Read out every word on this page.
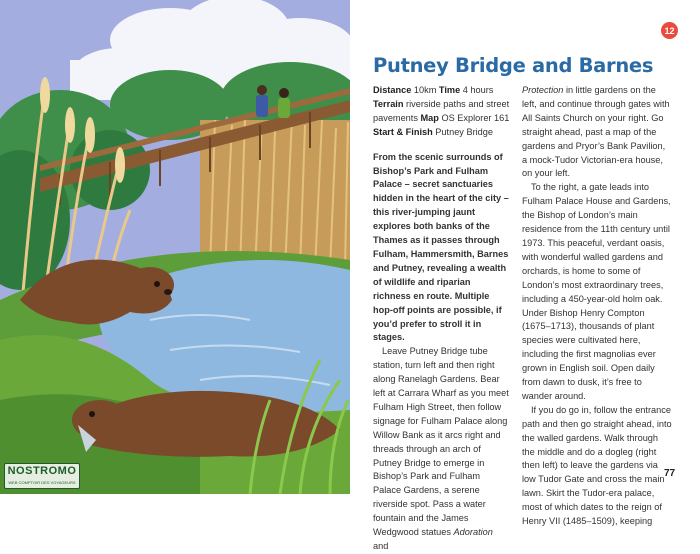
NOSTROMO
WEB COMPTOIR DES VOYAGEURS
12
Putney Bridge and Barnes

Distance 10km Time 4 hours
Terrain riverside paths and street pavements Map OS Explorer 161
Start & Finish Putney Bridge

From the scenic surrounds of Bishop’s Park and Fulham Palace – secret sanctuaries hidden in the heart of the city – this river-jumping jaunt explores both banks of the Thames as it passes through Fulham, Hammersmith, Barnes and Putney, revealing a wealth of wildlife and riparian richness en route. Multiple hop-off points are possible, if you’d prefer to stroll it in stages.

Leave Putney Bridge tube station, turn left and then right along Ranelagh Gardens. Bear left at Carrara Wharf as you meet Fulham High Street, then follow signage for Fulham Palace along Willow Bank as it arcs right and threads through an arch of Putney Bridge to emerge in Bishop’s Park and Fulham Palace Gardens, a serene riverside spot. Pass a water fountain and the James Wedgwood statues Adoration and

Protection in little gardens on the left, and continue through gates with All Saints Church on your right. Go straight ahead, past a map of the gardens and Pryor’s Bank Pavilion, a mock-Tudor Victorian-era house, on your left.

To the right, a gate leads into Fulham Palace House and Gardens, the Bishop of London’s main residence from the 11th century until 1973. This peaceful, verdant oasis, with wonderful walled gardens and orchards, is home to some of London’s most extraordinary trees, including a 450-year-old holm oak. Under Bishop Henry Compton (1675–1713), thousands of plant species were cultivated here, including the first magnolias ever grown in English soil. Open daily from dawn to dusk, it’s free to wander around.

If you do go in, follow the entrance path and then go straight ahead, into the walled gardens. Walk through the middle and do a dogleg (right then left) to leave the gardens via low Tudor Gate and cross the main lawn. Skirt the Tudor-era palace, most of which dates to the reign of Henry VII (1485–1509), keeping

77
